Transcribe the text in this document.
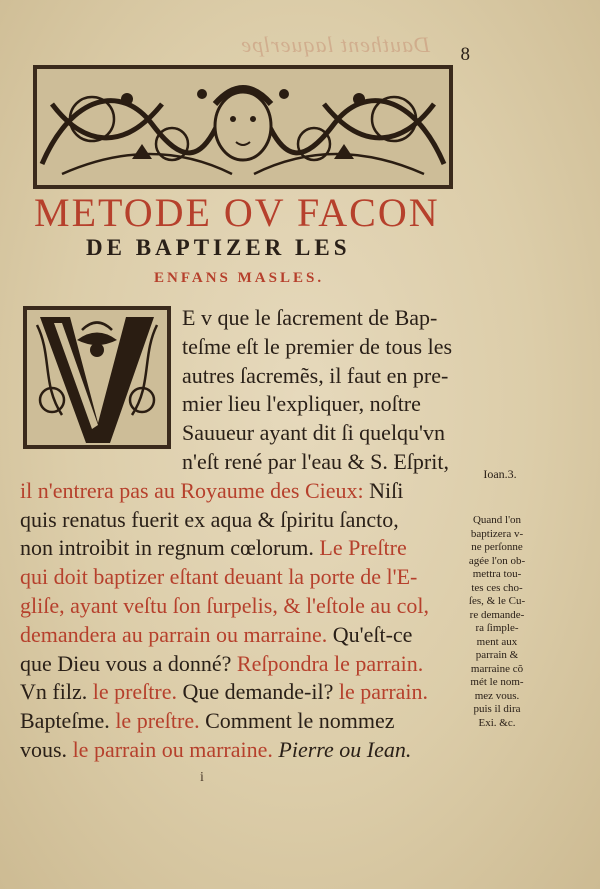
Dauthent laquerlpe 8
METODE OV FACON
DE BAPTIZER LES
ENFANS MASLES.
E v que le ſacrement de Bap-
teſme eſt le premier de tous les
autres ſacremẽs, il faut en pre-
mier lieu l'expliquer, noſtre
Sauueur ayant dit ſi quelqu'vn
n'eſt rené par l'eau & S. Eſprit,
il n'entrera pas au Royaume des Cieux: Niſi
quis renatus fuerit ex aqua & ſpiritu ſancto,
non introibit in regnum cœlorum. Le Preſtre
qui doit baptizer eſtant deuant la porte de l'E-
gliſe, ayant veſtu ſon ſurpelis, & l'eſtole au col,
demandera au parrain ou marraine. Qu'eſt-ce
que Dieu vous a donné? Reſpondra le parrain.
Vn filz. le preſtre. Que demande-il? le parrain.
Bapteſme. le preſtre. Comment le nommez
vous. le parrain ou marraine. Pierre ou Iean.
Ioan.3.
Quand l'on
baptizera v-
ne perſonne
agée l'on ob-
mettra tou-
tes ces cho-
ſes, & le Cu-
re demande-
ra ſimple-
ment aux
parrain &
marraine cõ
mét le nom-
mez vous.
puis il dira
Exi. &c.
i
